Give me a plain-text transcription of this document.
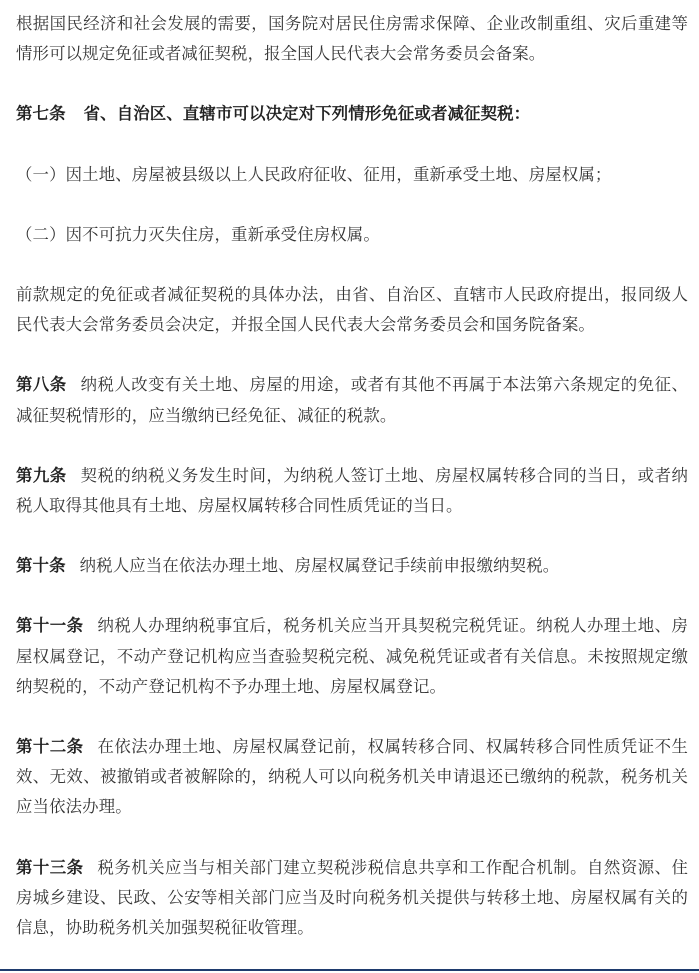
根据国民经济和社会发展的需要，国务院对居民住房需求保障、企业改制重组、灾后重建等情形可以规定免征或者减征契税，报全国人民代表大会常务委员会备案。

第七条 省、自治区、直辖市可以决定对下列情形免征或者减征契税：

（一）因土地、房屋被县级以上人民政府征收、征用，重新承受土地、房屋权属；

（二）因不可抗力灭失住房，重新承受住房权属。

前款规定的免征或者减征契税的具体办法，由省、自治区、直辖市人民政府提出，报同级人民代表大会常务委员会决定，并报全国人民代表大会常务委员会和国务院备案。

第八条 纳税人改变有关土地、房屋的用途，或者有其他不再属于本法第六条规定的免征、减征契税情形的，应当缴纳已经免征、减征的税款。

第九条 契税的纳税义务发生时间，为纳税人签订土地、房屋权属转移合同的当日，或者纳税人取得其他具有土地、房屋权属转移合同性质凭证的当日。

第十条 纳税人应当在依法办理土地、房屋权属登记手续前申报缴纳契税。

第十一条 纳税人办理纳税事宜后，税务机关应当开具契税完税凭证。纳税人办理土地、房屋权属登记，不动产登记机构应当查验契税完税、减免税凭证或者有关信息。未按照规定缴纳契税的，不动产登记机构不予办理土地、房屋权属登记。

第十二条 在依法办理土地、房屋权属登记前，权属转移合同、权属转移合同性质凭证不生效、无效、被撤销或者被解除的，纳税人可以向税务机关申请退还已缴纳的税款，税务机关应当依法办理。

第十三条 税务机关应当与相关部门建立契税涉税信息共享和工作配合机制。自然资源、住房城乡建设、民政、公安等相关部门应当及时向税务机关提供与转移土地、房屋权属有关的信息，协助税务机关加强契税征收管理。
